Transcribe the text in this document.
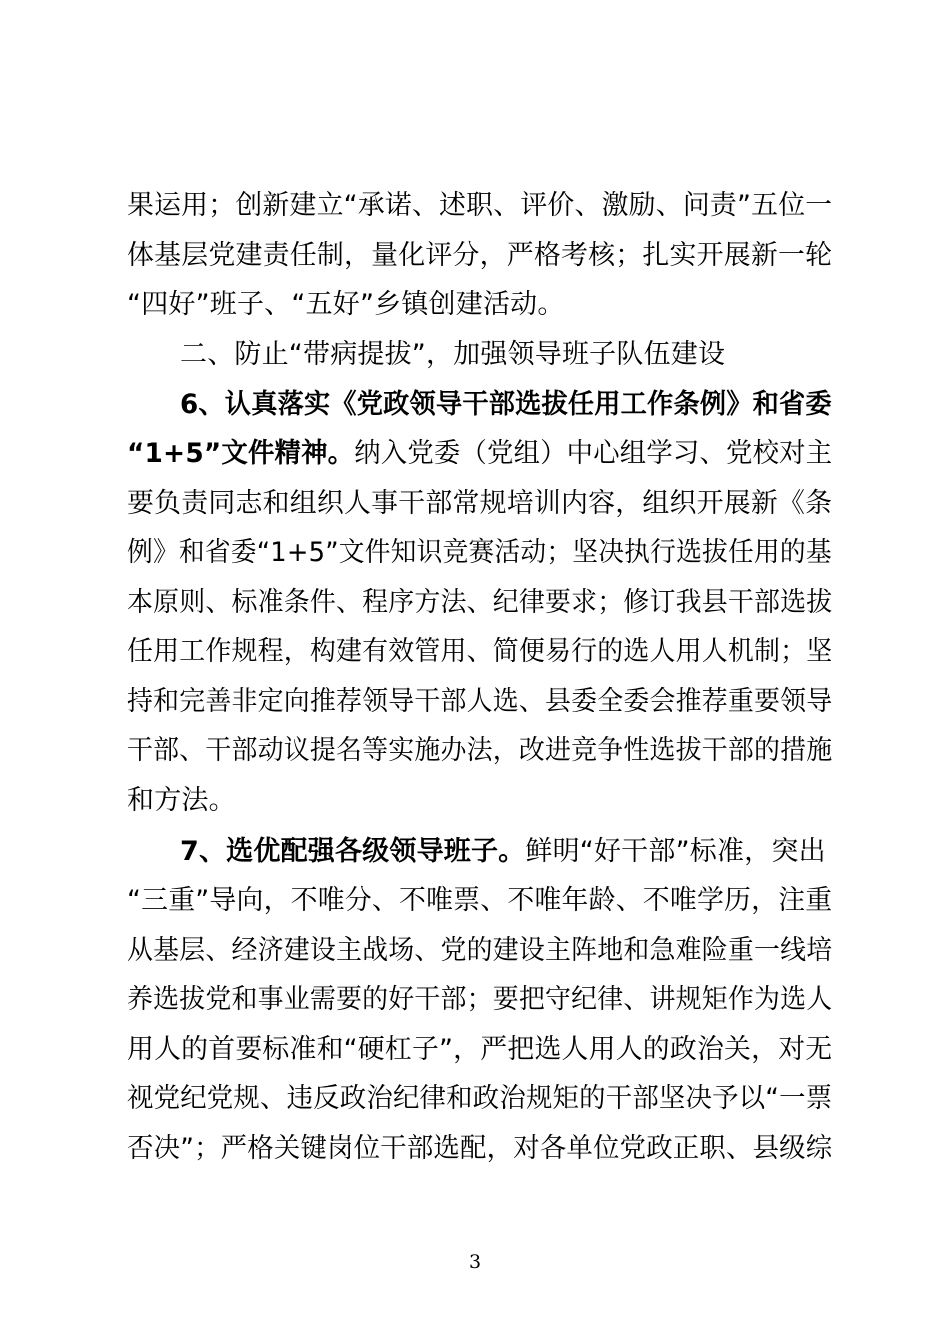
果运用；创新建立“承诺、述职、评价、激励、问责”五位一
体基层党建责任制，量化评分，严格考核；扎实开展新一轮
“四好”班子、“五好”乡镇创建活动。
二、防止“带病提拔”，加强领导班子队伍建设
6、认真落实《党政领导干部选拔任用工作条例》和省委
“1+5”文件精神。纳入党委（党组）中心组学习、党校对主
要负责同志和组织人事干部常规培训内容，组织开展新《条
例》和省委“1+5”文件知识竞赛活动；坚决执行选拔任用的基
本原则、标准条件、程序方法、纪律要求；修订我县干部选拔
任用工作规程，构建有效管用、简便易行的选人用人机制；坚
持和完善非定向推荐领导干部人选、县委全委会推荐重要领导
干部、干部动议提名等实施办法，改进竞争性选拔干部的措施
和方法。
7、选优配强各级领导班子。鲜明“好干部”标准，突出
“三重”导向，不唯分、不唯票、不唯年龄、不唯学历，注重
从基层、经济建设主战场、党的建设主阵地和急难险重一线培
养选拔党和事业需要的好干部；要把守纪律、讲规矩作为选人
用人的首要标准和“硬杠子”，严把选人用人的政治关，对无
视党纪党规、违反政治纪律和政治规矩的干部坚决予以“一票
否决”；严格关键岗位干部选配，对各单位党政正职、县级综
3
